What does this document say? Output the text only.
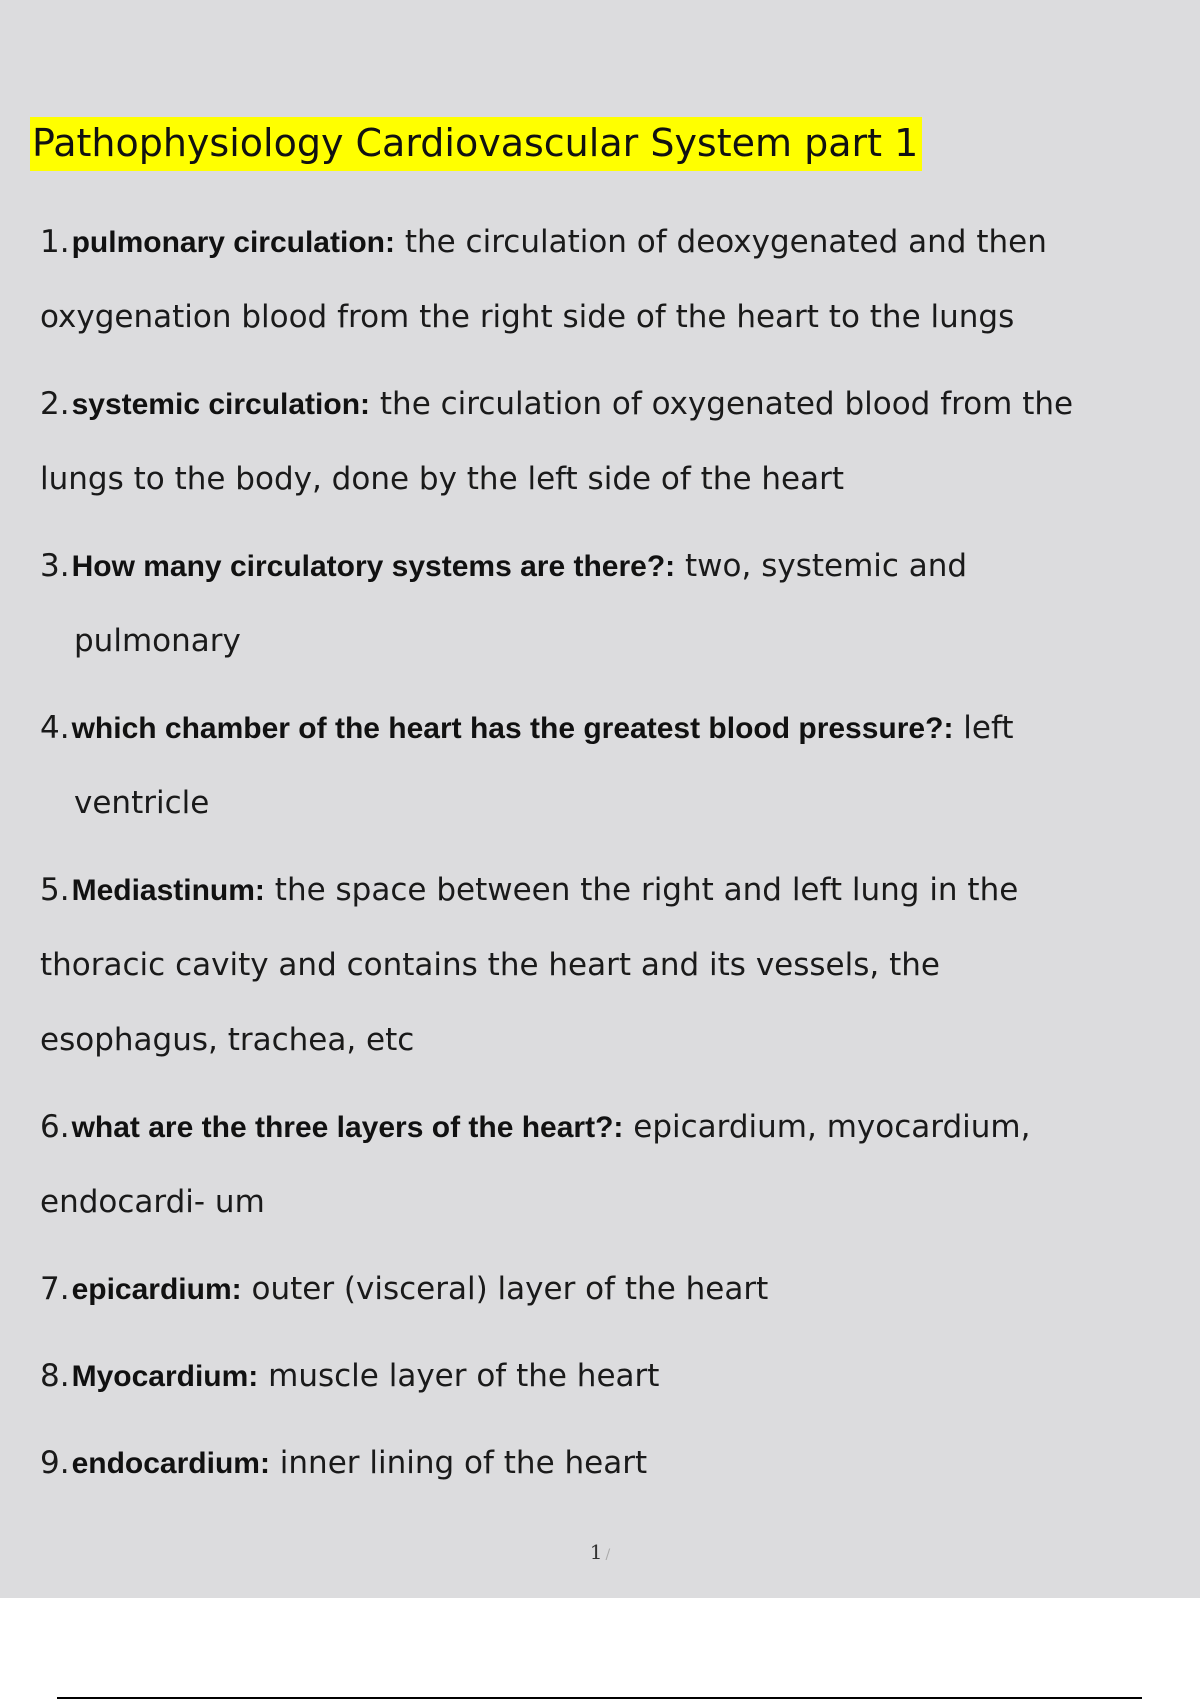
Pathophysiology Cardiovascular System part 1
1.pulmonary circulation: the circulation of deoxygenated and then
oxygenation blood from the right side of the heart to the lungs
2.systemic circulation: the circulation of oxygenated blood from the
lungs to the body, done by the left side of the heart
3.How many circulatory systems are there?: two, systemic and
pulmonary
4.which chamber of the heart has the greatest blood pressure?: left
ventricle
5.Mediastinum: the space between the right and left lung in the
thoracic cavity and contains the heart and its vessels, the
esophagus, trachea, etc
6.what are the three layers of the heart?: epicardium, myocardium,
endocardi- um
7.epicardium: outer (visceral) layer of the heart
8.Myocardium: muscle layer of the heart
9.endocardium: inner lining of the heart
1 /
